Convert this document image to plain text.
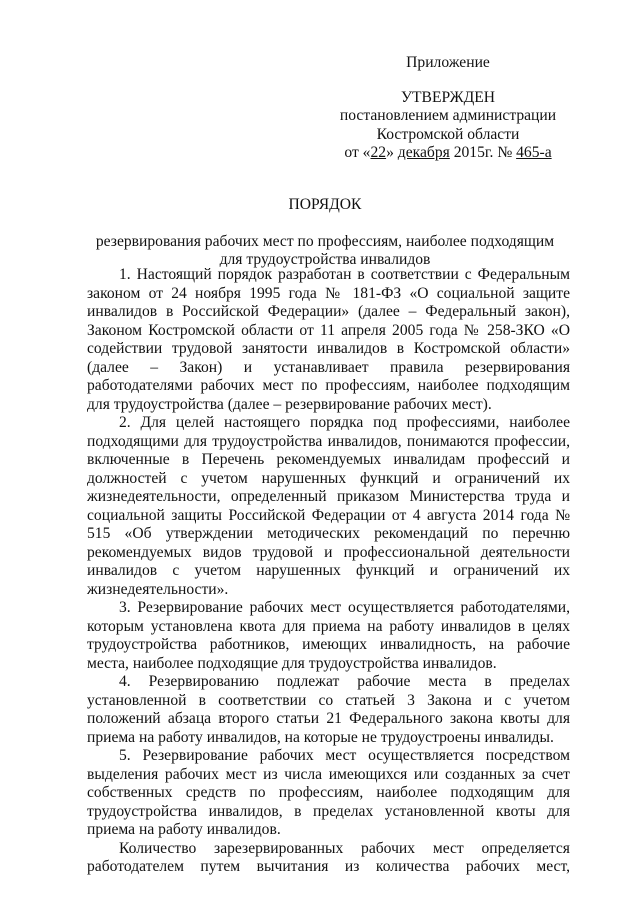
Приложение
УТВЕРЖДЕН
постановлением администрации
Костромской области
от «22» декабря 2015г. № 465-а
ПОРЯДОК
резервирования рабочих мест по профессиям, наиболее подходящим
для трудоустройства инвалидов

1. Настоящий порядок разработан в соответствии с Федеральным законом от 24 ноября 1995 года № 181-ФЗ «О социальной защите инвалидов в Российской Федерации» (далее – Федеральный закон), Законом Костромской области от 11 апреля 2005 года № 258-ЗКО «О содействии трудовой занятости инвалидов в Костромской области» (далее – Закон) и устанавливает правила резервирования работодателями рабочих мест по профессиям, наиболее подходящим для трудоустройства (далее – резервирование рабочих мест).

2. Для целей настоящего порядка под профессиями, наиболее подходящими для трудоустройства инвалидов, понимаются профессии, включенные в Перечень рекомендуемых инвалидам профессий и должностей с учетом нарушенных функций и ограничений их жизнедеятельности, определенный приказом Министерства труда и социальной защиты Российской Федерации от 4 августа 2014 года № 515 «Об утверждении методических рекомендаций по перечню рекомендуемых видов трудовой и профессиональной деятельности инвалидов с учетом нарушенных функций и ограничений их жизнедеятельности».

3. Резервирование рабочих мест осуществляется работодателями, которым установлена квота для приема на работу инвалидов в целях трудоустройства работников, имеющих инвалидность, на рабочие места, наиболее подходящие для трудоустройства инвалидов.

4. Резервированию подлежат рабочие места в пределах установленной в соответствии со статьей 3 Закона и с учетом положений абзаца второго статьи 21 Федерального закона квоты для приема на работу инвалидов, на которые не трудоустроены инвалиды.

5. Резервирование рабочих мест осуществляется посредством выделения рабочих мест из числа имеющихся или созданных за счет собственных средств по профессиям, наиболее подходящим для трудоустройства инвалидов, в пределах установленной квоты для приема на работу инвалидов.

Количество зарезервированных рабочих мест определяется работодателем путем вычитания из количества рабочих мест,
